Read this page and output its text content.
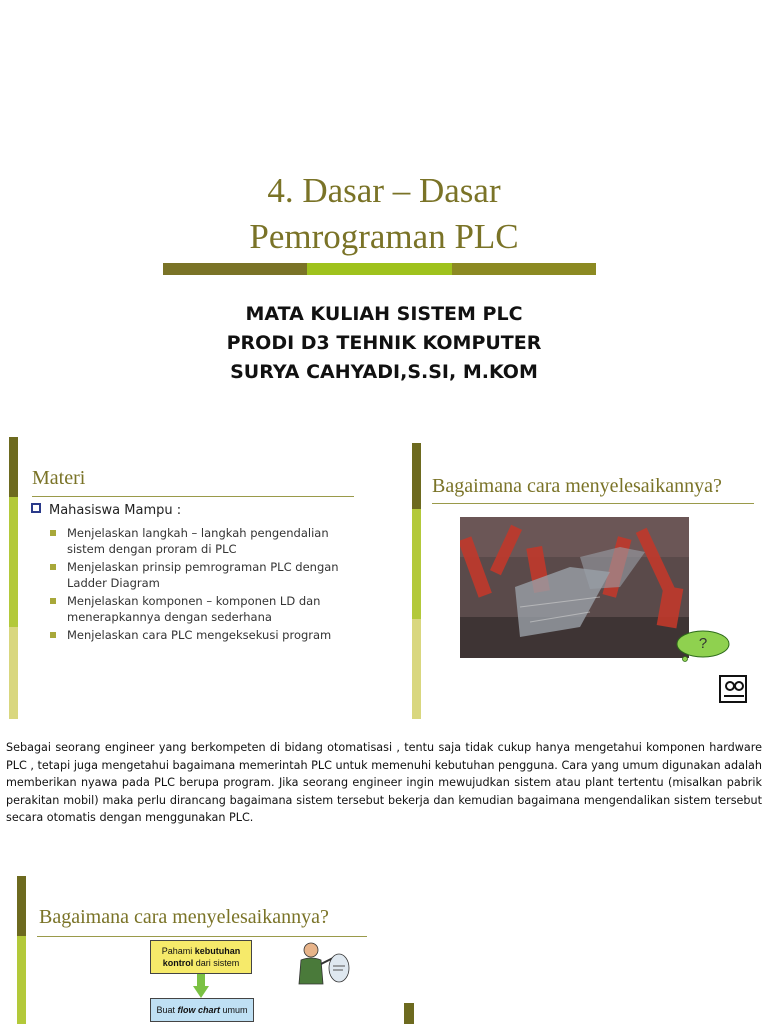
4. Dasar – Dasar
Pemrograman PLC
MATA KULIAH SISTEM PLC
PRODI D3 TEHNIK KOMPUTER
SURYA CAHYADI,S.SI, M.KOM
Materi
Mahasiswa Mampu :
Menjelaskan langkah – langkah pengendalian sistem dengan proram di PLC
Menjelaskan prinsip pemrograman PLC dengan Ladder Diagram
Menjelaskan komponen – komponen LD dan menerapkannya dengan sederhana
Menjelaskan cara PLC mengeksekusi program
Bagaimana cara menyelesaikannya?
?

Sebagai seorang engineer yang berkompeten di bidang otomatisasi , tentu saja tidak cukup hanya mengetahui komponen hardware PLC , tetapi juga mengetahui bagaimana memerintah PLC untuk memenuhi kebutuhan pengguna. Cara yang umum digunakan adalah memberikan nyawa pada PLC berupa program. Jika seorang engineer ingin mewujudkan sistem atau plant tertentu (misalkan pabrik perakitan mobil) maka perlu dirancang bagaimana sistem tersebut bekerja dan kemudian bagaimana mengendalikan sistem tersebut secara otomatis dengan menggunakan PLC.

Bagaimana cara menyelesaikannya?
Pahami kebutuhan
kontrol dari sistem
Buat flow chart umum
